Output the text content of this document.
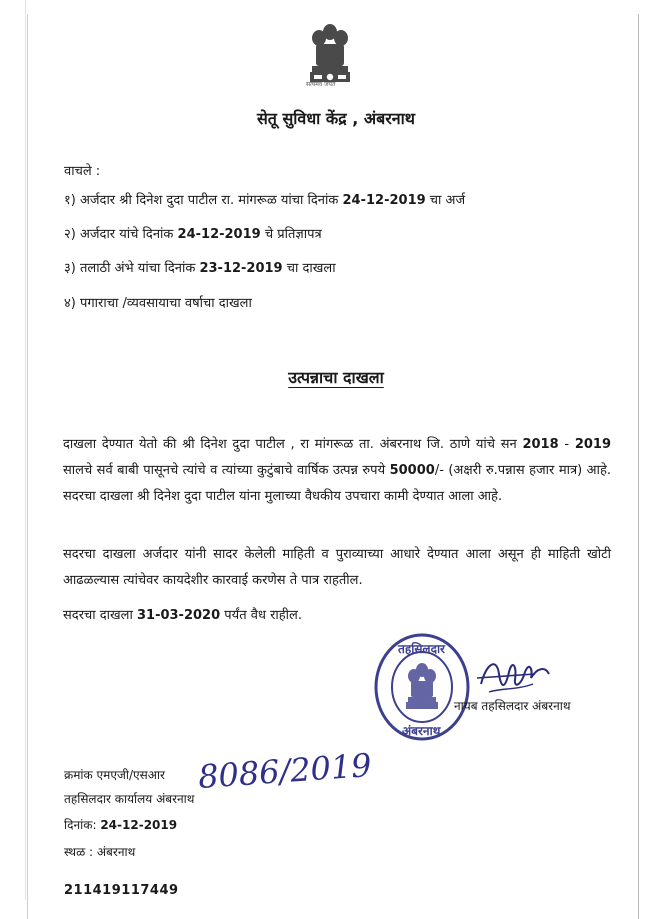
सत्यमेव जयते
सेतू सुविधा केंद्र , अंबरनाथ
वाचले :
१) अर्जदार श्री दिनेश दुदा पाटील रा. मांगरूळ यांचा दिनांक 24-12-2019 चा अर्ज
२) अर्जदार यांचे दिनांक 24-12-2019 चे प्रतिज्ञापत्र
३) तलाठी अंभे यांचा दिनांक 23-12-2019 चा दाखला
४) पगाराचा /व्यवसायाचा वर्षाचा दाखला
उत्पन्नाचा दाखला
दाखला देण्यात येतो की श्री दिनेश दुदा पाटील , रा मांगरूळ ता. अंबरनाथ जि. ठाणे यांचे सन 2018 - 2019 सालचे सर्व बाबी पासूनचे त्यांचे व त्यांच्या कुटुंबाचे वार्षिक उत्पन्न रुपये 50000/- (अक्षरी रु.पन्नास हजार मात्र) आहे. सदरचा दाखला श्री दिनेश दुदा पाटील यांना मुलाच्या वैधकीय उपचारा कामी देण्यात आला आहे.
सदरचा दाखला अर्जदार यांनी सादर केलेली माहिती व पुराव्याच्या आधारे देण्यात आला असून ही माहिती खोटी आढळल्यास त्यांचेवर कायदेशीर कारवाई करणेस ते पात्र राहतील.
सदरचा दाखला 31-03-2020 पर्यंत वैध राहील.
तहसिलदार
अंबरनाथ
नायब तहसिलदार अंबरनाथ
क्रमांक एमएजी/एसआर 8086/2019
तहसिलदार कार्यालय अंबरनाथ
दिनांक: 24-12-2019
स्थळ : अंबरनाथ
211419117449
